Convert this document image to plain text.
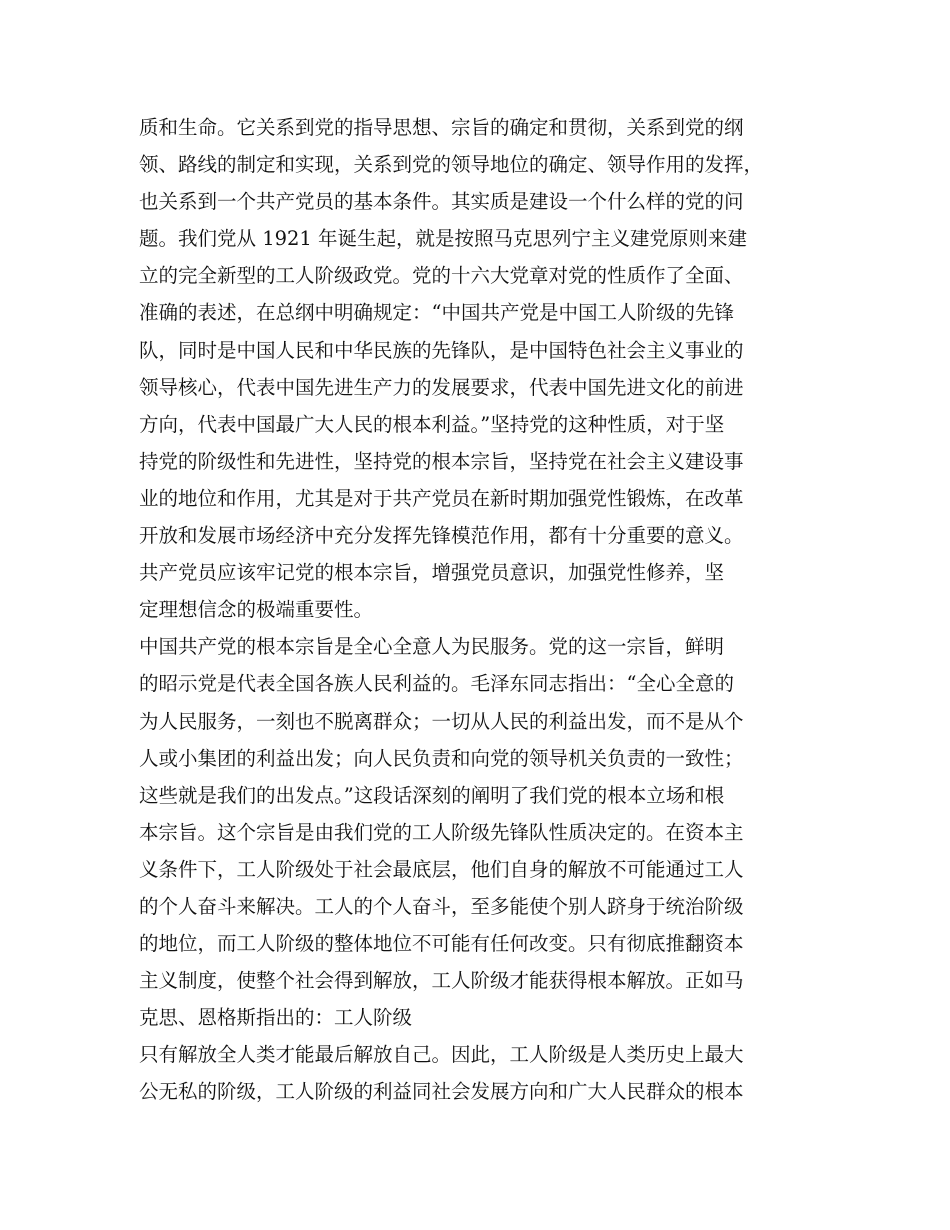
质和生命。它关系到党的指导思想、宗旨的确定和贯彻，关系到党的纲
领、路线的制定和实现，关系到党的领导地位的确定、领导作用的发挥，
也关系到一个共产党员的基本条件。其实质是建设一个什么样的党的问
题。我们党从 1921 年诞生起，就是按照马克思列宁主义建党原则来建
立的完全新型的工人阶级政党。党的十六大党章对党的性质作了全面、
准确的表述，在总纲中明确规定：“中国共产党是中国工人阶级的先锋
队，同时是中国人民和中华民族的先锋队，是中国特色社会主义事业的
领导核心，代表中国先进生产力的发展要求，代表中国先进文化的前进
方向，代表中国最广大人民的根本利益。”坚持党的这种性质，对于坚
持党的阶级性和先进性，坚持党的根本宗旨，坚持党在社会主义建设事
业的地位和作用，尤其是对于共产党员在新时期加强党性锻炼，在改革
开放和发展市场经济中充分发挥先锋模范作用，都有十分重要的意义。
共产党员应该牢记党的根本宗旨，增强党员意识，加强党性修养，坚
定理想信念的极端重要性。
中国共产党的根本宗旨是全心全意人为民服务。党的这一宗旨，鲜明
的昭示党是代表全国各族人民利益的。毛泽东同志指出：“全心全意的
为人民服务，一刻也不脱离群众；一切从人民的利益出发，而不是从个
人或小集团的利益出发；向人民负责和向党的领导机关负责的一致性；
这些就是我们的出发点。”这段话深刻的阐明了我们党的根本立场和根
本宗旨。这个宗旨是由我们党的工人阶级先锋队性质决定的。在资本主
义条件下，工人阶级处于社会最底层，他们自身的解放不可能通过工人
的个人奋斗来解决。工人的个人奋斗，至多能使个别人跻身于统治阶级
的地位，而工人阶级的整体地位不可能有任何改变。只有彻底推翻资本
主义制度，使整个社会得到解放，工人阶级才能获得根本解放。正如马
克思、恩格斯指出的：工人阶级
只有解放全人类才能最后解放自己。因此，工人阶级是人类历史上最大
公无私的阶级，工人阶级的利益同社会发展方向和广大人民群众的根本
